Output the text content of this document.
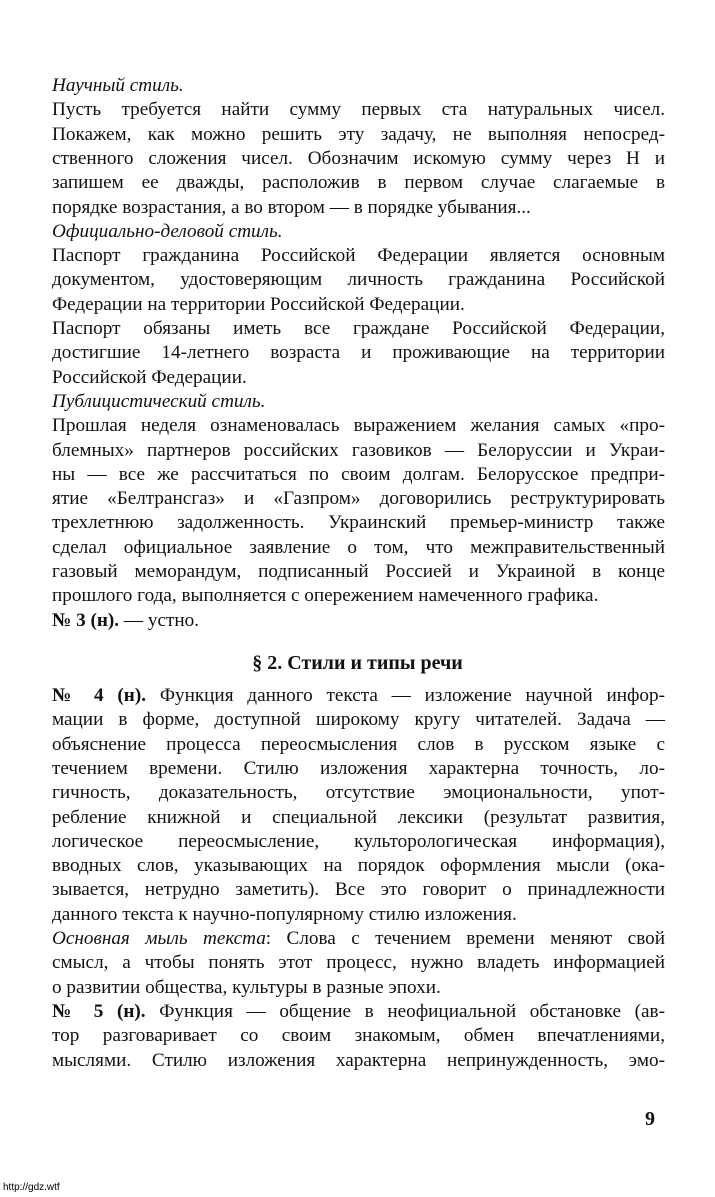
Научный стиль.
Пусть требуется найти сумму первых ста натуральных чисел.
Покажем, как можно решить эту задачу, не выполняя непосред-
ственного сложения чисел. Обозначим искомую сумму через Н и
запишем ее дважды, расположив в первом случае слагаемые в
порядке возрастания, а во втором — в порядке убывания...
Официально-деловой стиль.
Паспорт гражданина Российской Федерации является основным
документом, удостоверяющим личность гражданина Российской
Федерации на территории Российской Федерации.
Паспорт обязаны иметь все граждане Российской Федерации,
достигшие 14-летнего возраста и проживающие на территории
Российской Федерации.
Публицистический стиль.
Прошлая неделя ознаменовалась выражением желания самых «про-
блемных» партнеров российских газовиков — Белоруссии и Украи-
ны — все же рассчитаться по своим долгам. Белорусское предпри-
ятие «Белтрансгаз» и «Газпром» договорились реструктурировать
трехлетнюю задолженность. Украинский премьер-министр также
сделал официальное заявление о том, что межправительственный
газовый меморандум, подписанный Россией и Украиной в конце
прошлого года, выполняется с опережением намеченного графика.
№ 3 (н). — устно.
№ 4 (н). Функция данного текста — изложение научной инфор-
мации в форме, доступной широкому кругу читателей. Задача —
объяснение процесса переосмысления слов в русском языке с
течением времени. Стилю изложения характерна точность, ло-
гичность, доказательность, отсутствие эмоциональности, упот-
ребление книжной и специальной лексики (результат развития,
логическое переосмысление, культорологическая информация),
вводных слов, указывающих на порядок оформления мысли (ока-
зывается, нетрудно заметить). Все это говорит о принадлежности
данного текста к научно-популярному стилю изложения.
Основная мыль текста: Слова с течением времени меняют свой
смысл, а чтобы понять этот процесс, нужно владеть информацией
о развитии общества, культуры в разные эпохи.
№ 5 (н). Функция — общение в неофициальной обстановке (ав-
тор разговаривает со своим знакомым, обмен впечатлениями,
мыслями. Стилю изложения характерна непринужденность, эмо-
§ 2. Стили и типы речи
9
http://gdz.wtf
